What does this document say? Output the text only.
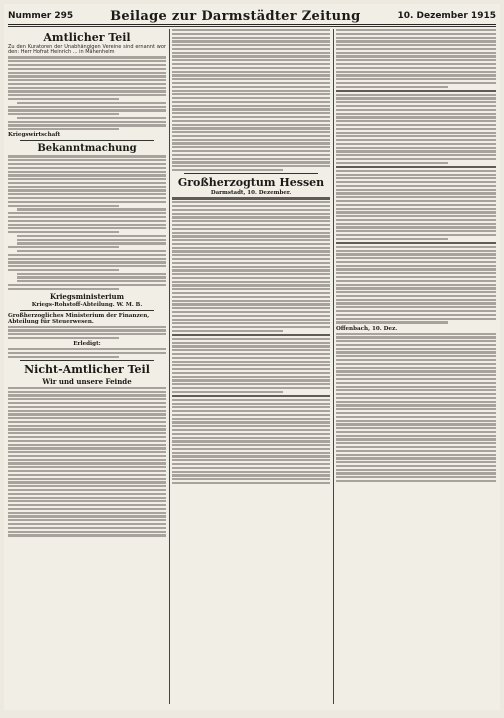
Nummer 295	Beilage zur Darmstädter Zeitung	10. Dezember 1915
Amtlicher Teil

Zu den Kuratoren der Unabhängigen Vereine sind ernannt worden: Herr Hofrat Heinrich ... in Mähenheim

Kriegswirtschaft
Bekanntmachung
Kriegsministerium
Kriegs-Rohstoff-Abteilung. W. M. B.
Großherzogliches Ministerium der Finanzen, Abteilung für Steuerwesen.
Erledigt:
Nicht-Amtlicher Teil
Wir und unsere Feinde
Großherzogtum Hessen
Darmstadt, 10. Dezember.
Offenbach, 10. Dez.
